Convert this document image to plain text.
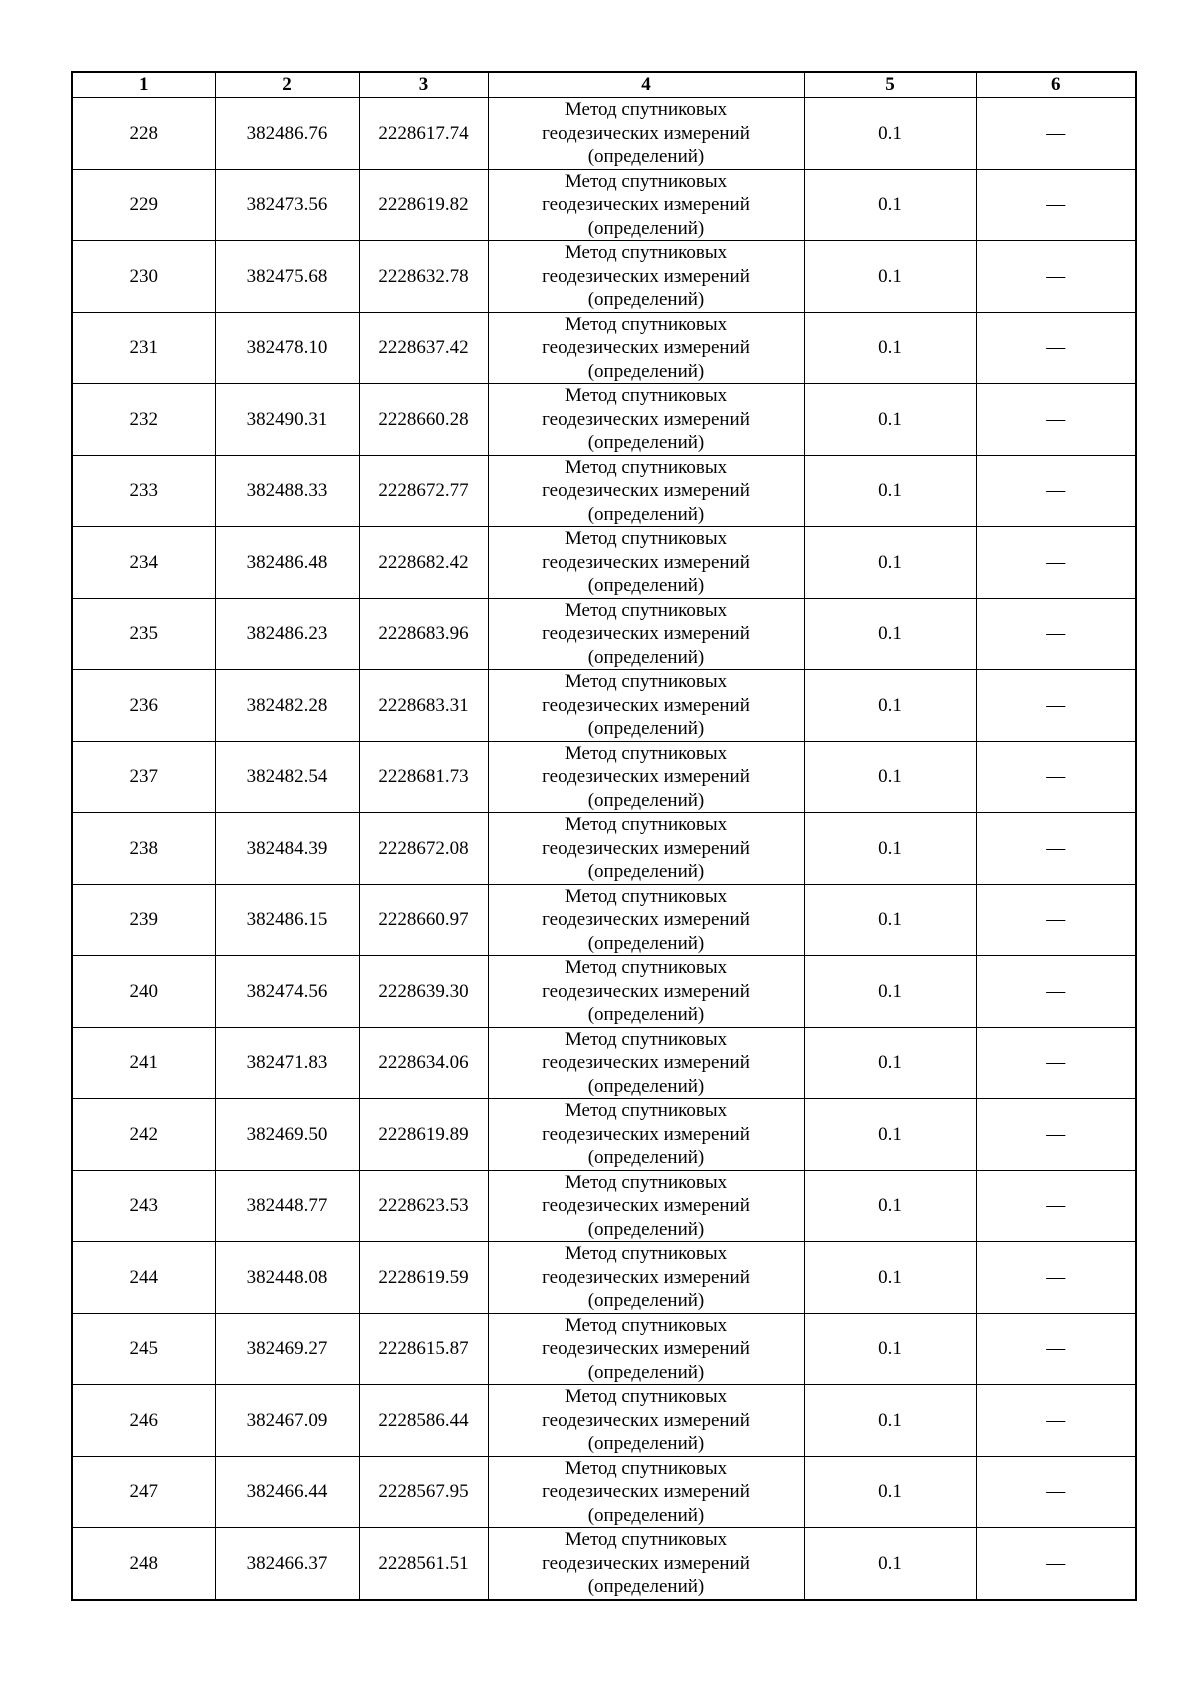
1	2	3	4	5	6
228	382486.76	2228617.74	Метод спутниковых
геодезических измерений
(определений)	0.1	—
229	382473.56	2228619.82	Метод спутниковых
геодезических измерений
(определений)	0.1	—
230	382475.68	2228632.78	Метод спутниковых
геодезических измерений
(определений)	0.1	—
231	382478.10	2228637.42	Метод спутниковых
геодезических измерений
(определений)	0.1	—
232	382490.31	2228660.28	Метод спутниковых
геодезических измерений
(определений)	0.1	—
233	382488.33	2228672.77	Метод спутниковых
геодезических измерений
(определений)	0.1	—
234	382486.48	2228682.42	Метод спутниковых
геодезических измерений
(определений)	0.1	—
235	382486.23	2228683.96	Метод спутниковых
геодезических измерений
(определений)	0.1	—
236	382482.28	2228683.31	Метод спутниковых
геодезических измерений
(определений)	0.1	—
237	382482.54	2228681.73	Метод спутниковых
геодезических измерений
(определений)	0.1	—
238	382484.39	2228672.08	Метод спутниковых
геодезических измерений
(определений)	0.1	—
239	382486.15	2228660.97	Метод спутниковых
геодезических измерений
(определений)	0.1	—
240	382474.56	2228639.30	Метод спутниковых
геодезических измерений
(определений)	0.1	—
241	382471.83	2228634.06	Метод спутниковых
геодезических измерений
(определений)	0.1	—
242	382469.50	2228619.89	Метод спутниковых
геодезических измерений
(определений)	0.1	—
243	382448.77	2228623.53	Метод спутниковых
геодезических измерений
(определений)	0.1	—
244	382448.08	2228619.59	Метод спутниковых
геодезических измерений
(определений)	0.1	—
245	382469.27	2228615.87	Метод спутниковых
геодезических измерений
(определений)	0.1	—
246	382467.09	2228586.44	Метод спутниковых
геодезических измерений
(определений)	0.1	—
247	382466.44	2228567.95	Метод спутниковых
геодезических измерений
(определений)	0.1	—
248	382466.37	2228561.51	Метод спутниковых
геодезических измерений
(определений)	0.1	—
